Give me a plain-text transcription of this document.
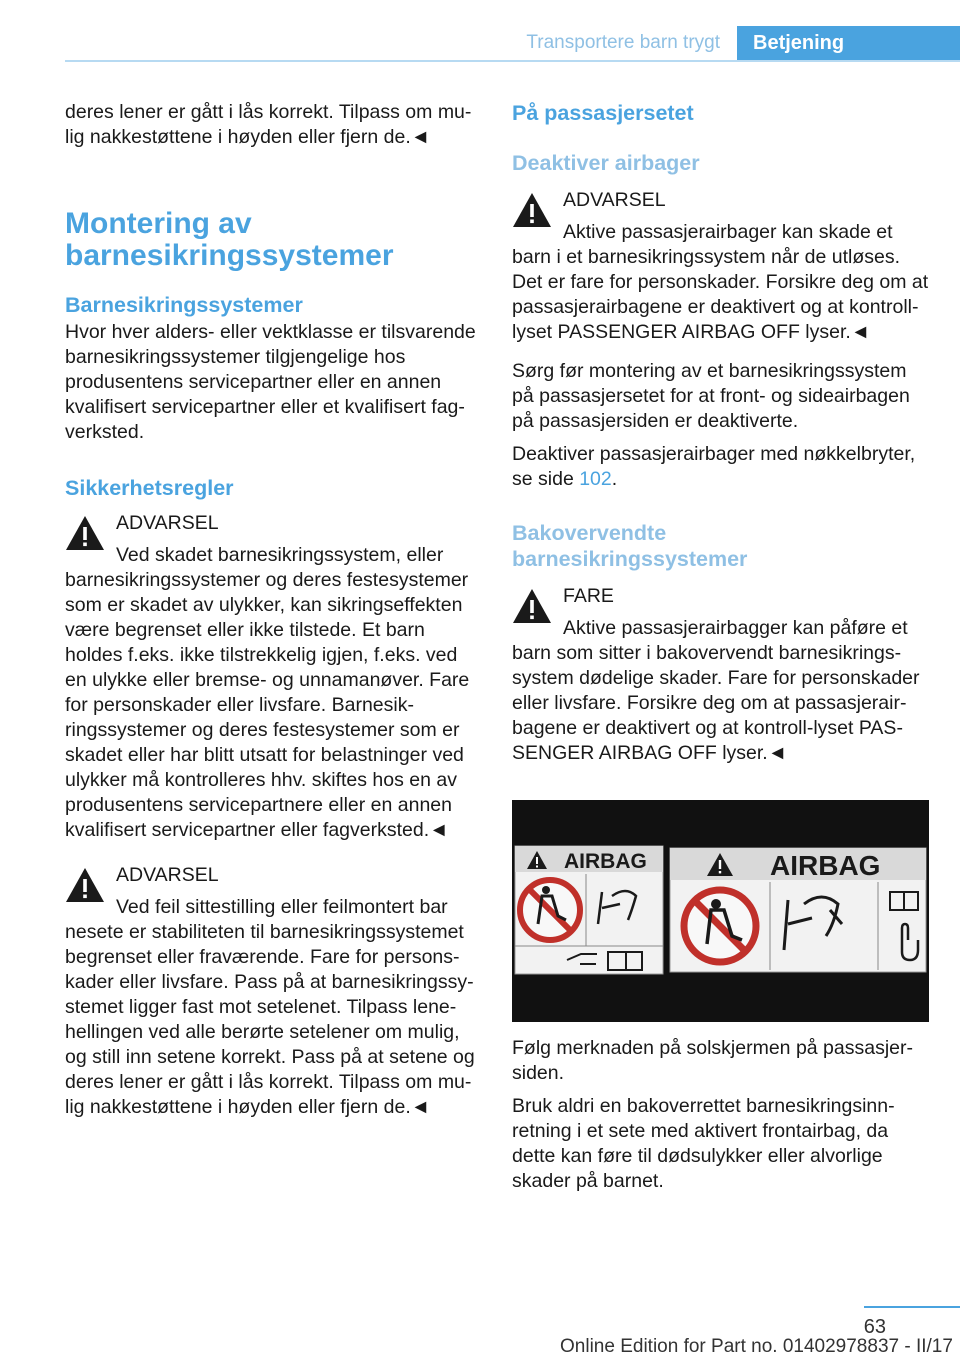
Transportere barn trygt	Betjening

deres lener er gått i lås korrekt. Tilpass om mulig nakkestøttene i høyden eller fjern de.◄

Montering av barnesikringssystemer
Barnesikringssystemer

Hvor hver alders- eller vektklasse er tilsvarende barnesikringssystemer tilgjengelige hos produsentens servicepartner eller en annen kvalifisert servicepartner eller et kvalifisert fagverksted.

Sikkerhetsregler
ADVARSEL
Ved skadet barnesikringssystem, eller
barnesikringssystemer og deres festesystemer som er skadet av ulykker, kan sikringseffekten være begrenset eller ikke tilstede. Et barn holdes f.eks. ikke tilstrekkelig igjen, f.eks. ved en ulykke eller bremse- og unnamanøver. Fare for personskader eller livsfare. Barnesikringssystemer og deres festesystemer som er skadet eller har blitt utsatt for belastninger ved ulykker må kontrolleres hhv. skiftes hos en av produsentens servicepartnere eller en annen kvalifisert servicepartner eller fagverksted.◄
ADVARSEL
Ved feil sittestilling eller feilmontert bar
nesete er stabiliteten til barnesikringssystemet begrenset eller fraværende. Fare for personskader eller livsfare. Pass på at barnesikringssystemet ligger fast mot setelenet. Tilpass lenehellingen ved alle berørte setelener om mulig, og still inn setene korrekt. Pass på at setene og deres lener er gått i lås korrekt. Tilpass om mulig nakkestøttene i høyden eller fjern de.◄
På passasjersetet
Deaktiver airbager
ADVARSEL
Aktive passasjerairbager kan skade et
barn i et barnesikringssystem når de utløses. Det er fare for personskader. Forsikre deg om at passasjerairbagene er deaktivert og at kontroll-lyset PASSENGER AIRBAG OFF lyser.◄

Sørg før montering av et barnesikringssystem på passasjersetet for at front- og sideairbagen på passasjersiden er deaktiverte.

Deaktiver passasjerairbager med nøkkelbryter, se side 102.

Bakovervendte barnesikringssystemer
FARE
Aktive passasjerairbagger kan påføre et
barn som sitter i bakovervendt barnesikringssystem dødelige skader. Fare for personskader eller livsfare. Forsikre deg om at passasjerairbagene er deaktivert og at kontroll-lyset PASSENGER AIRBAG OFF lyser.◄
AIRBAG	AIRBAG

Følg merknaden på solskjermen på passasjersiden.

Bruk aldri en bakoverrettet barnesikringsinnretning i et sete med aktivert frontairbag, da dette kan føre til dødsulykker eller alvorlige skader på barnet.

63
Online Edition for Part no. 01402978837 - II/17
